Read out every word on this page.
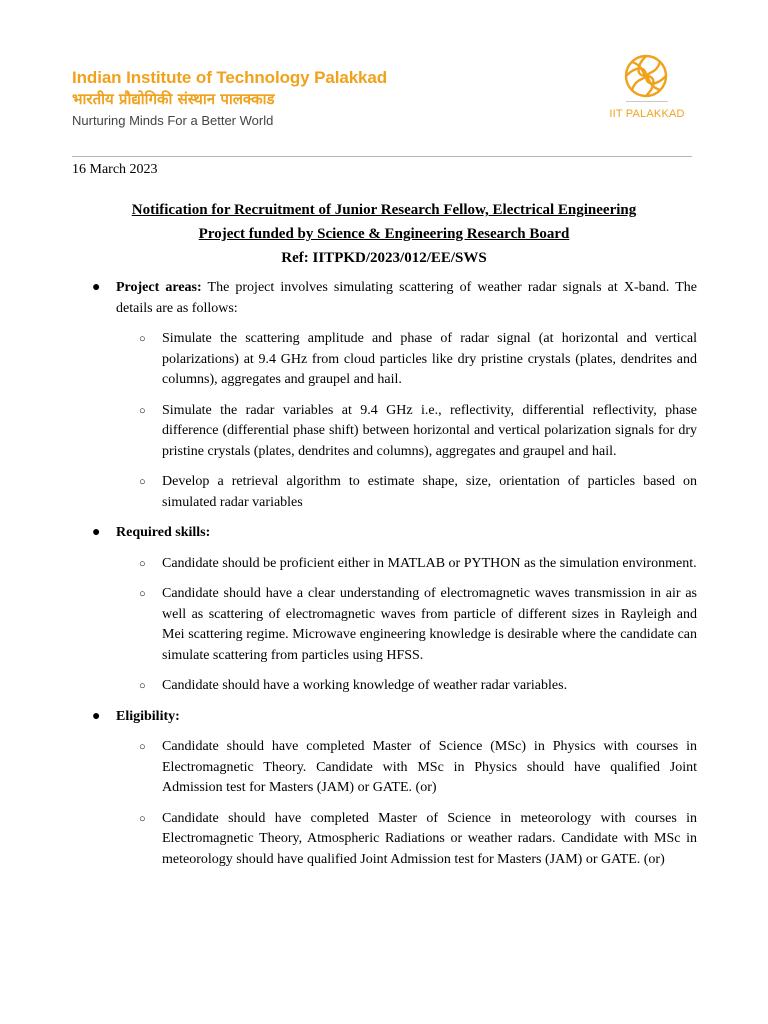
Indian Institute of Technology Palakkad
भारतीय प्रौद्योगिकी संस्थान पालक्काड
Nurturing Minds For a Better World	IIT PALAKKAD
16 March 2023
Notification for Recruitment of Junior Research Fellow, Electrical Engineering
Project funded by Science & Engineering Research Board
Ref: IITPKD/2023/012/EE/SWS
● Project areas: The project involves simulating scattering of weather radar signals at X-band. The details are as follows:
○ Simulate the scattering amplitude and phase of radar signal (at horizontal and vertical polarizations) at 9.4 GHz from cloud particles like dry pristine crystals (plates, dendrites and columns), aggregates and graupel and hail.
○ Simulate the radar variables at 9.4 GHz i.e., reflectivity, differential reflectivity, phase difference (differential phase shift) between horizontal and vertical polarization signals for dry pristine crystals (plates, dendrites and columns), aggregates and graupel and hail.
○ Develop a retrieval algorithm to estimate shape, size, orientation of particles based on simulated radar variables
● Required skills:
○ Candidate should be proficient either in MATLAB or PYTHON as the simulation environment.
○ Candidate should have a clear understanding of electromagnetic waves transmission in air as well as scattering of electromagnetic waves from particle of different sizes in Rayleigh and Mei scattering regime. Microwave engineering knowledge is desirable where the candidate can simulate scattering from particles using HFSS.
○ Candidate should have a working knowledge of weather radar variables.
● Eligibility:
○ Candidate should have completed Master of Science (MSc) in Physics with courses in Electromagnetic Theory. Candidate with MSc in Physics should have qualified Joint Admission test for Masters (JAM) or GATE. (or)
○ Candidate should have completed Master of Science in meteorology with courses in Electromagnetic Theory, Atmospheric Radiations or weather radars. Candidate with MSc in meteorology should have qualified Joint Admission test for Masters (JAM) or GATE. (or)
